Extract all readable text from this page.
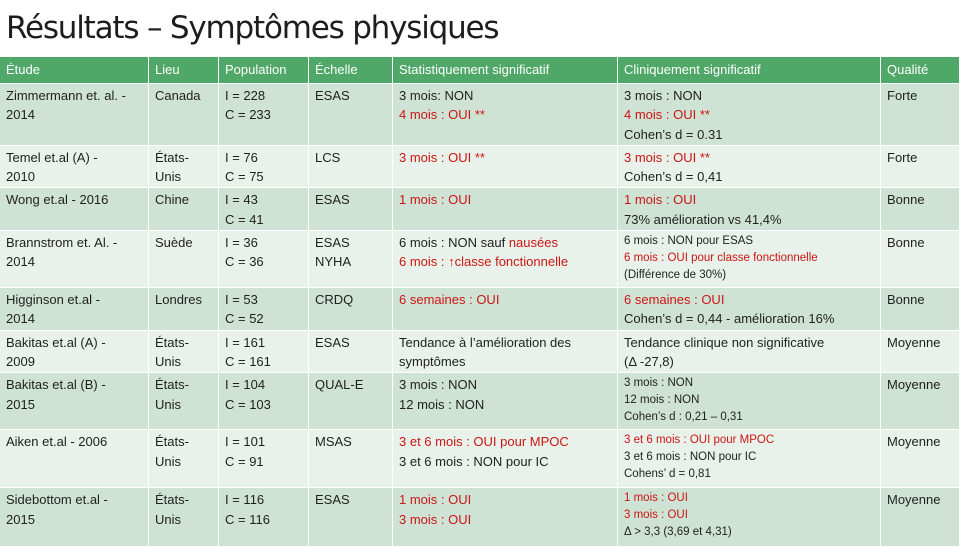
Résultats – Symptômes physiques
Étude	Lieu	Population	Échelle	Statistiquement significatif	Cliniquement significatif	Qualité

Zimmermann et. al. -
2014	Canada	I = 228
C = 233	ESAS	3 mois: NON
4 mois : OUI **	3 mois : NON
4 mois : OUI **
Cohen’s d = 0.31	Forte

Temel et.al (A) -
2010	États-
Unis	I = 76
C = 75	LCS	3 mois : OUI **	3 mois : OUI **
Cohen’s d = 0,41	Forte

Wong et.al - 2016	Chine	I = 43
C = 41	ESAS	1 mois : OUI	1 mois : OUI
73% amélioration vs 41,4%	Bonne

Brannstrom et. Al. -
2014	Suède	I = 36
C = 36	ESAS
NYHA	6 mois : NON sauf nausées
6 mois : ↑classe fonctionnelle	6 mois : NON pour ESAS
6 mois : OUI pour classe fonctionnelle
(Différence de 30%)	Bonne

Higginson et.al -
2014	Londres	I = 53
C = 52	CRDQ	6 semaines : OUI	6 semaines : OUI
Cohen’s d = 0,44 - amélioration 16%	Bonne

Bakitas et.al (A) -
2009	États-
Unis	I = 161
C = 161	ESAS	Tendance à l’amélioration des
symptômes	Tendance clinique non significative
(Δ -27,8)	Moyenne

Bakitas et.al (B) -
2015	États-
Unis	I = 104
C = 103	QUAL-E	3 mois : NON
12 mois : NON	3 mois : NON
12 mois : NON
Cohen’s d : 0,21 – 0,31	Moyenne

Aiken et.al - 2006	États-
Unis	I = 101
C = 91	MSAS	3 et 6 mois : OUI pour MPOC
3 et 6 mois : NON pour IC	3 et 6 mois : OUI pour MPOC
3 et 6 mois : NON pour IC
Cohens’ d = 0,81	Moyenne

Sidebottom et.al -
2015	États-
Unis	I = 116
C = 116	ESAS	1 mois : OUI
3 mois : OUI	1 mois : OUI
3 mois : OUI
Δ > 3,3 (3,69 et 4,31)	Moyenne
